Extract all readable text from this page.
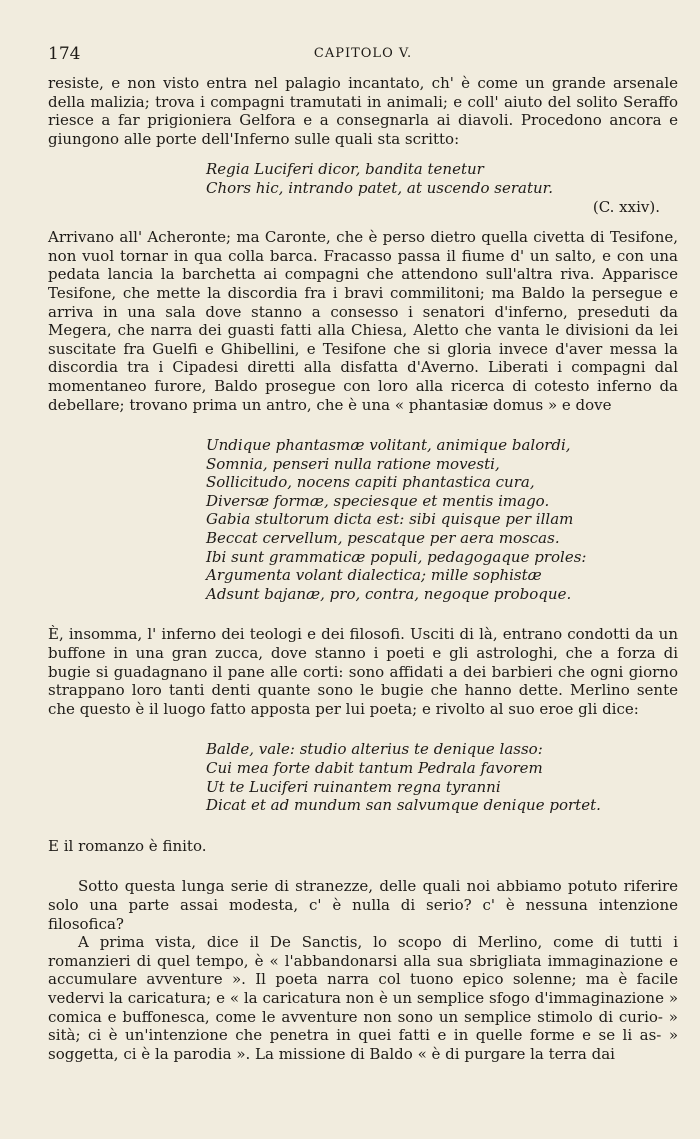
174	CAPITOLO V.

resiste, e non visto entra nel palagio incantato, ch' è come un grande arsenale della malizia; trova i compagni tramutati in animali; e coll' aiuto del solito Seraffo riesce a far prigioniera Gelfora e a consegnarla ai diavoli. Procedono ancora e giungono alle porte dell'Inferno sulle quali sta scritto:

Regia Luciferi dicor, bandita tenetur
Chors hic, intrando patet, at uscendo seratur.
(C. xxiv).

Arrivano all' Acheronte; ma Caronte, che è perso dietro quella civetta di Tesifone, non vuol tornar in qua colla barca. Fracasso passa il fiume d' un salto, e con una pedata lancia la barchetta ai compagni che attendono sull'altra riva. Apparisce Tesifone, che mette la discordia fra i bravi commilitoni; ma Baldo la persegue e arriva in una sala dove stanno a consesso i senatori d'inferno, preseduti da Megera, che narra dei guasti fatti alla Chiesa, Aletto che vanta le divisioni da lei suscitate fra Guelfi e Ghibellini, e Tesifone che si gloria invece d'aver messa la discordia tra i Cipadesi diretti alla disfatta d'Averno. Liberati i compagni dal momentaneo furore, Baldo prosegue con loro alla ricerca di cotesto inferno da debellare; trovano prima un antro, che è una « phantasiæ domus » e dove

Undique phantasmæ volitant, animique balordi,
Somnia, penseri nulla ratione movesti,
Sollicitudo, nocens capiti phantastica cura,
Diversæ formæ, speciesque et mentis imago.
Gabia stultorum dicta est: sibi quisque per illam
Beccat cervellum, pescatque per aera moscas.
Ibi sunt grammaticæ populi, pedagogaque proles:
Argumenta volant dialectica; mille sophistæ
Adsunt bajanæ, pro, contra, negoque proboque.

È, insomma, l' inferno dei teologi e dei filosofi. Usciti di là, entrano condotti da un buffone in una gran zucca, dove stanno i poeti e gli astrologhi, che a forza di bugie si guadagnano il pane alle corti: sono affidati a dei barbieri che ogni giorno strappano loro tanti denti quante sono le bugie che hanno dette. Merlino sente che questo è il luogo fatto apposta per lui poeta; e rivolto al suo eroe gli dice:

Balde, vale: studio alterius te denique lasso:
Cui mea forte dabit tantum Pedrala favorem
Ut te Luciferi ruinantem regna tyranni
Dicat et ad mundum san salvumque denique portet.

E il romanzo è finito.

Sotto questa lunga serie di stranezze, delle quali noi abbiamo potuto riferire solo una parte assai modesta, c' è nulla di serio? c' è nessuna intenzione filosofica?

A prima vista, dice il De Sanctis, lo scopo di Merlino, come di tutti i romanzieri di quel tempo, è « l'abbandonarsi alla sua sbrigliata immaginazione e accumulare avventure ». Il poeta narra col tuono epico solenne; ma è facile vedervi la caricatura; e « la caricatura non è un semplice sfogo d'immaginazione » comica e buffonesca, come le avventure non sono un semplice stimolo di curio- » sità; ci è un'intenzione che penetra in quei fatti e in quelle forme e se li as- » soggetta, ci è la parodia ». La missione di Baldo « è di purgare la terra dai
